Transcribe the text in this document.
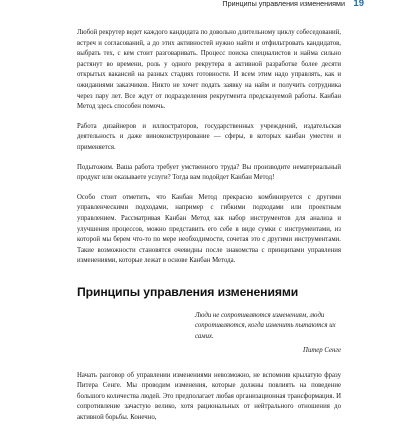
Принципы управления изменениями 19

Любой рекрутер ведет каждого кандидата по довольно длительному циклу собеседований, встреч и согласований, а до этих активностей нужно найти и отфильтровать кандидатов, выбрать тех, с кем стоит разговаривать. Процесс поиска специалистов и найма сильно растянут во времени, роль у одного рекрутера в активной разработке более десяти открытых вакансий на разных стадиях готовности. И всем этим надо управлять, как и ожиданиями заказчиков. Никто не хочет подать заявку на найм и получить сотрудника через пару лет. Все ждут от подразделения рекрутмента предсказуемой работы. Канбан Метод здесь способен помочь.

Работа дизайнеров и иллюстраторов, государственных учреждений, издательская деятельность и даже виноконструирование — сферы, в которых канбан уместен и применяется.

Подытожим. Ваша работа требует умственного труда? Вы производите нематериальный продукт или оказываете услуги? Тогда вам подойдет Канбан Метод!

Особо стоит отметить, что Канбан Метод прекрасно комбинируется с другими управленческими подходами, например с гибкими подходами или проектным управлением. Рассматривая Канбан Метод как набор инструментов для анализа и улучшения процессов, можно представить его себе в виде сумки с инструментами, из которой мы берем что-то по мере необходимости, сочетая это с другими инструментами. Такие возможности становятся очевидны после знакомства с принципами управления изменениями, которые лежат в основе Канбан Метода.

Принципы управления изменениями
Люди не сопротивляются изменениям, люди сопротивляются, когда изменить пытаются их самих.
Питер Сенге

Начать разговор об управлении изменениями невозможно, не вспомнив крылатую фразу Питера Сенге. Мы проводим изменения, которые должны повлиять на поведение большого количества людей. Это предполагает любая организационная трансформация. И сопротивление зачастую велико, хотя рациональных от нейтрального отношения до активной борьбы. Конечно,
